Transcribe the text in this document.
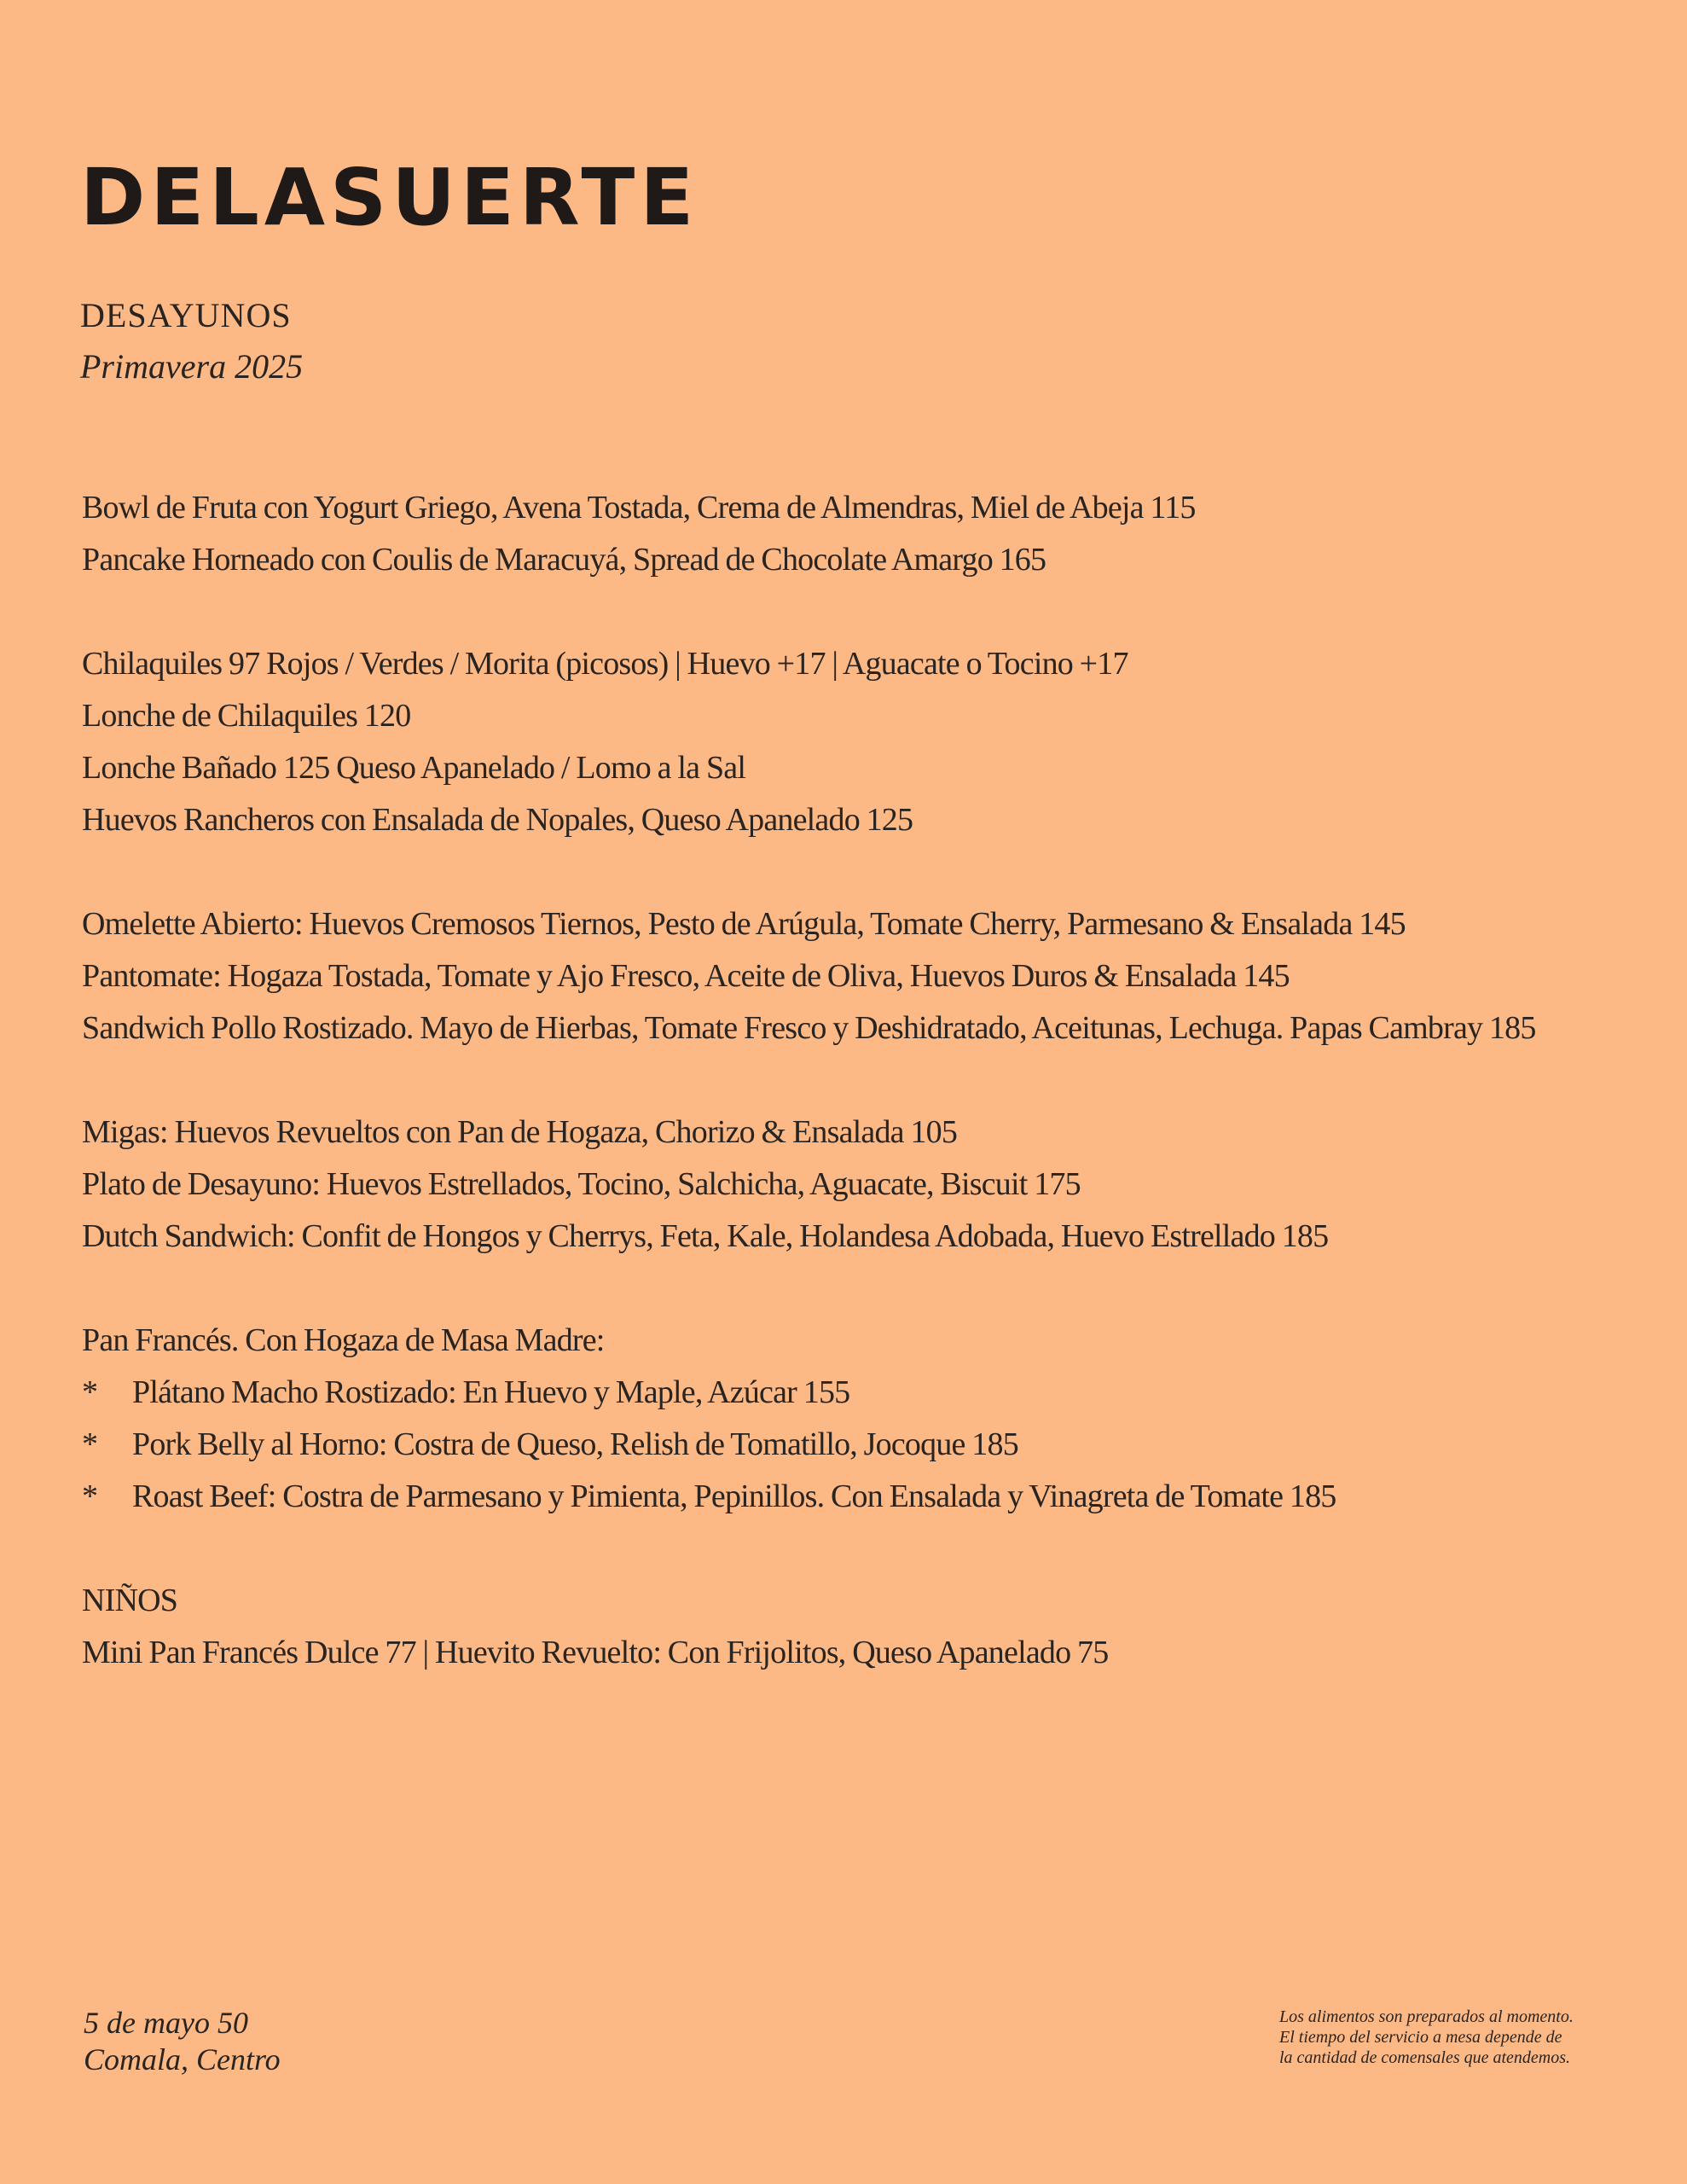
DELASUERTE
DESAYUNOS
Primavera 2025
Bowl de Fruta con Yogurt Griego, Avena Tostada, Crema de Almendras, Miel de Abeja 115
Pancake Horneado con Coulis de Maracuyá, Spread de Chocolate Amargo 165
Chilaquiles 97 Rojos / Verdes / Morita (picosos) | Huevo +17 | Aguacate o Tocino +17
Lonche de Chilaquiles 120
Lonche Bañado 125 Queso Apanelado / Lomo a la Sal
Huevos Rancheros con Ensalada de Nopales, Queso Apanelado 125
Omelette Abierto: Huevos Cremosos Tiernos, Pesto de Arúgula, Tomate Cherry, Parmesano & Ensalada 145
Pantomate: Hogaza Tostada, Tomate y Ajo Fresco, Aceite de Oliva, Huevos Duros & Ensalada 145
Sandwich Pollo Rostizado. Mayo de Hierbas, Tomate Fresco y Deshidratado, Aceitunas, Lechuga. Papas Cambray 185
Migas: Huevos Revueltos con Pan de Hogaza, Chorizo & Ensalada 105
Plato de Desayuno: Huevos Estrellados, Tocino, Salchicha, Aguacate, Biscuit 175
Dutch Sandwich: Confit de Hongos y Cherrys, Feta, Kale, Holandesa Adobada, Huevo Estrellado 185
Pan Francés. Con Hogaza de Masa Madre:
* Plátano Macho Rostizado: En Huevo y Maple, Azúcar 155
* Pork Belly al Horno: Costra de Queso, Relish de Tomatillo, Jocoque 185
* Roast Beef: Costra de Parmesano y Pimienta, Pepinillos. Con Ensalada y Vinagreta de Tomate 185
NIÑOS
Mini Pan Francés Dulce 77 | Huevito Revuelto: Con Frijolitos, Queso Apanelado 75
5 de mayo 50
Comala, Centro
Los alimentos son preparados al momento.
El tiempo del servicio a mesa depende de
la cantidad de comensales que atendemos.
